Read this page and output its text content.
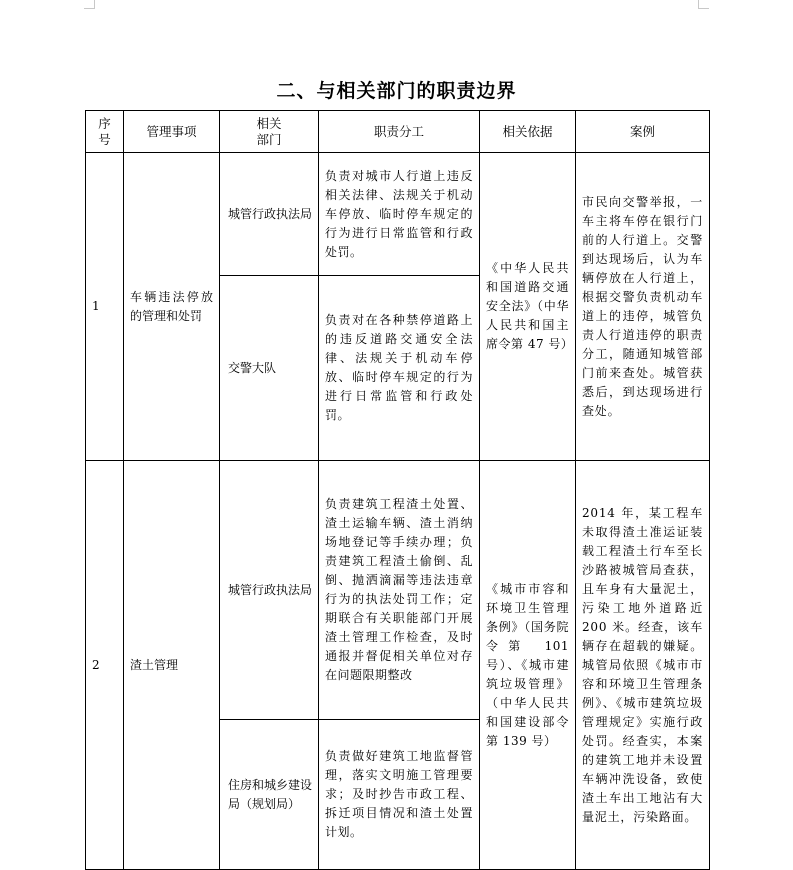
二、与相关部门的职责边界
序号	管理事项	相关部门	职责分工	相关依据	案例
1	车辆违法停放的管理和处罚	城管行政执法局	负责对城市人行道上违反相关法律、法规关于机动车停放、临时停车规定的行为进行日常监管和行政处罚。	《中华人民共和国道路交通安全法》（中华人民共和国主席令第 47 号）	市民向交警举报，一车主将车停在银行门前的人行道上。交警到达现场后，认为车辆停放在人行道上，根据交警负责机动车道上的违停，城管负责人行道违停的职责分工，随通知城管部门前来查处。城管获悉后，到达现场进行查处。
		交警大队	负责对在各种禁停道路上的违反道路交通安全法律、法规关于机动车停放、临时停车规定的行为进行日常监管和行政处罚。		
2	渣土管理	城管行政执法局	负责建筑工程渣土处置、渣土运输车辆、渣土消纳场地登记等手续办理；负责建筑工程渣土偷倒、乱倒、抛洒滴漏等违法违章行为的执法处罚工作；定期联合有关职能部门开展渣土管理工作检查，及时通报并督促相关单位对存在问题限期整改	《城市市容和环境卫生管理条例》（国务院令第 101 号）、《城市建筑垃圾管理》（中华人民共和国建设部令第 139 号）	2014 年，某工程车未取得渣土准运证装载工程渣土行车至长沙路被城管局查获，且车身有大量泥土，污染工地外道路近 200 米。经查，该车辆存在超载的嫌疑。城管局依照《城市市容和环境卫生管理条例》、《城市建筑垃圾管理规定》实施行政处罚。经查实，本案的建筑工地并未设置车辆冲洗设备，致使渣土车出工地沾有大量泥土，污染路面。
		住房和城乡建设局（规划局）	负责做好建筑工地监督管理，落实文明施工管理要求；及时抄告市政工程、拆迁项目情况和渣土处置计划。		
